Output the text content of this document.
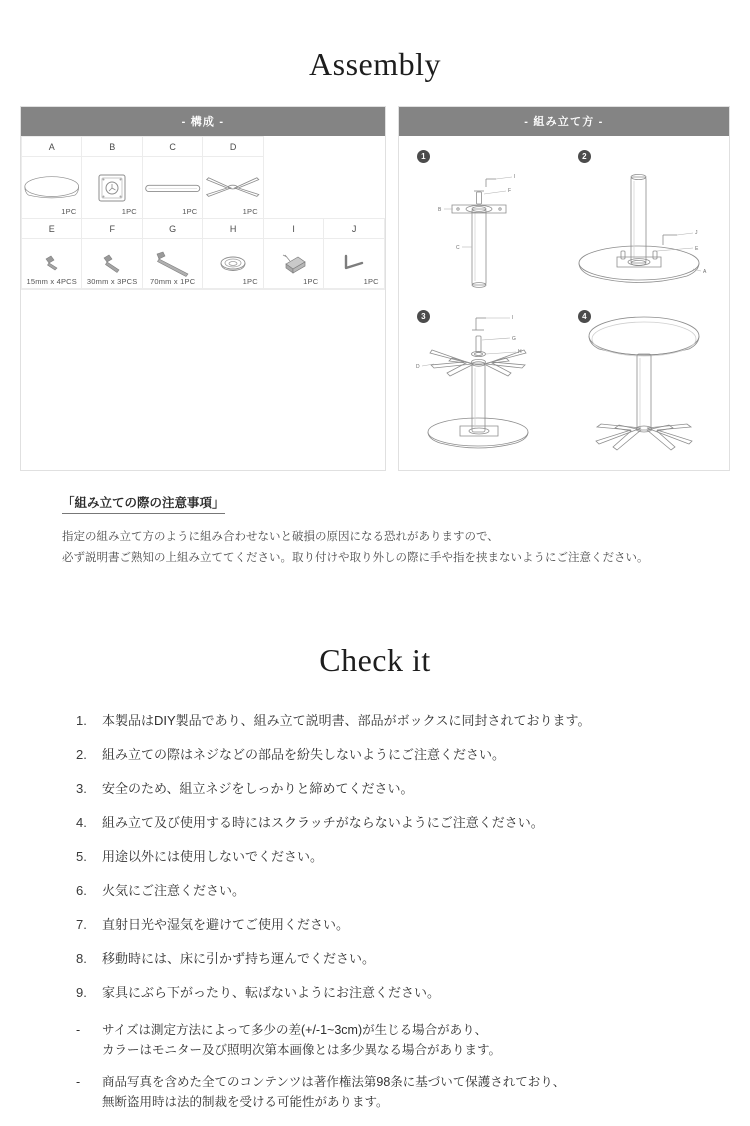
Assembly
- 構成 -
A	B	C	D		

1PC	1PC	1PC	1PC		

E	F	G	H	I	J

15mm x 4PCS	30mm x 3PCS	70mm x 1PC	1PC	1PC	1PC
- 組み立て方 -
1
I
F
B
C
2
J
E
A
3	I
G
H
D
4
「組み立ての際の注意事項」
指定の組み立て方のように組み合わせないと破損の原因になる恐れがありますので、
必ず説明書ご熟知の上組み立ててください。取り付けや取り外しの際に手や指を挟まないようにご注意ください。
Check it
1.	本製品はDIY製品であり、組み立て説明書、部品がボックスに同封されております。
2.	組み立ての際はネジなどの部品を紛失しないようにご注意ください。
3.	安全のため、組立ネジをしっかりと締めてください。
4.	組み立て及び使用する時にはスクラッチがならないようにご注意ください。
5.	用途以外には使用しないでください。
6.	火気にご注意ください。
7.	直射日光や湿気を避けてご使用ください。
8.	移動時には、床に引かず持ち運んでください。
9.	家具にぶら下がったり、転ばないようにお注意ください。
-	サイズは測定方法によって多少の差(+/-1~3cm)が生じる場合があり、
カラーはモニター及び照明次第本画像とは多少異なる場合があります。
-	商品写真を含めた全てのコンテンツは著作権法第98条に基づいて保護されており、
無断盗用時は法的制裁を受ける可能性があります。
